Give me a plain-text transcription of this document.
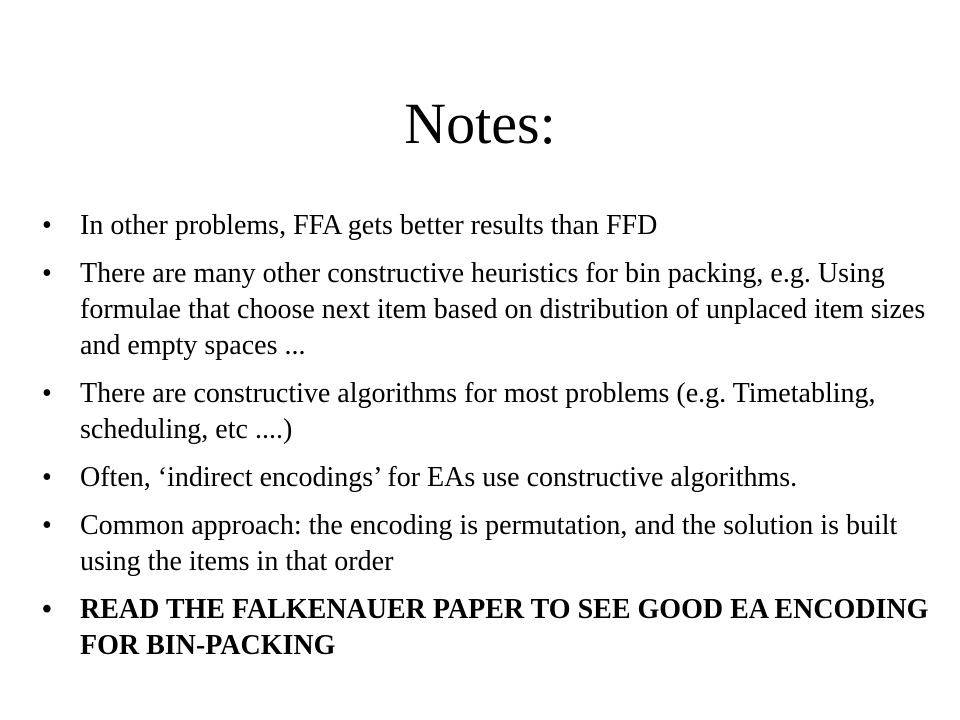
Notes:
•	In other problems, FFA gets better results than FFD
•	There are many other constructive heuristics for bin packing, e.g. Using formulae that choose next item based on distribution of unplaced item sizes and empty spaces ...
•	There are constructive algorithms for most problems (e.g. Timetabling, scheduling, etc ....)
•	Often, ‘indirect encodings’ for EAs use constructive algorithms.
•	Common approach: the encoding is permutation, and the solution is built using the items in that order
•	READ THE FALKENAUER PAPER TO SEE GOOD EA ENCODING FOR BIN-PACKING
